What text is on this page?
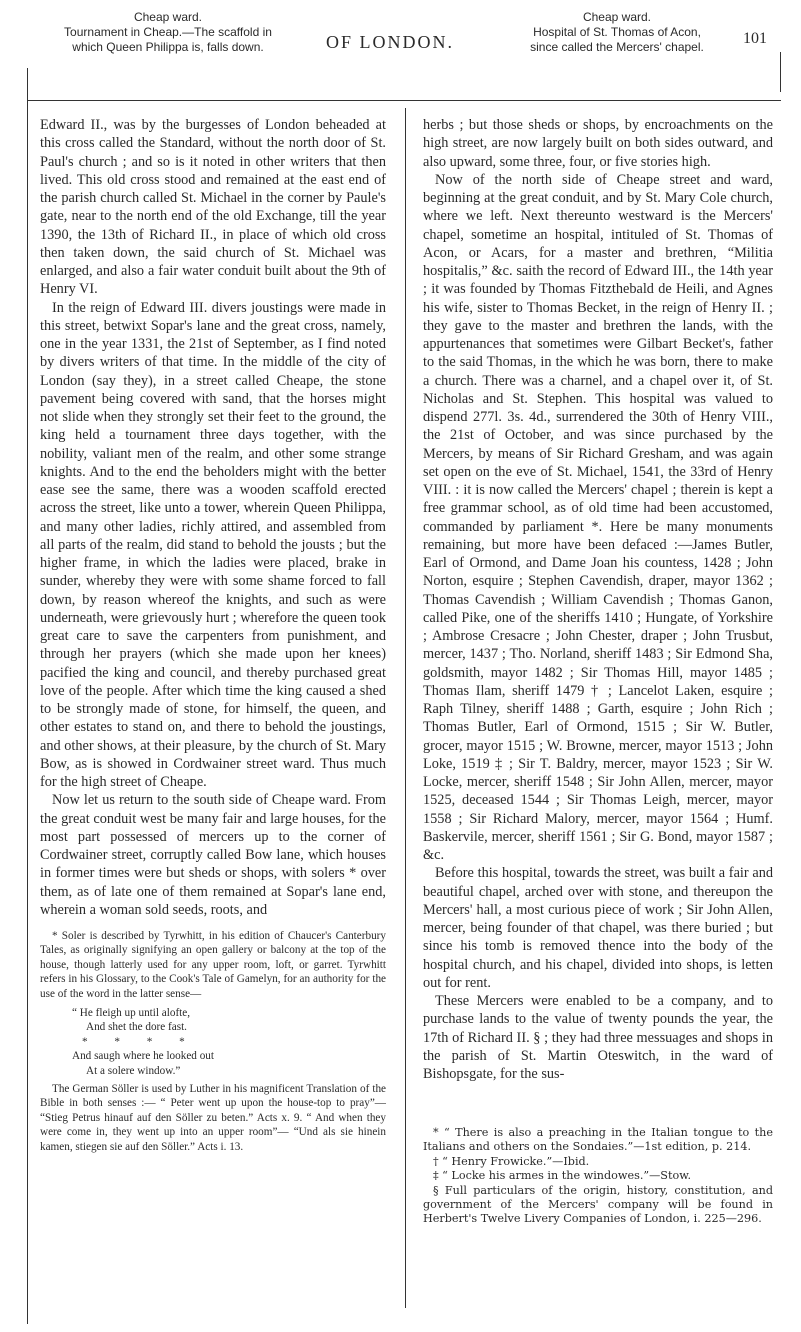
Cheap ward.
Tournament in Cheap.—The scaffold in
which Queen Philippa is, falls down.	OF LONDON.
Cheap ward.
Hospital of St. Thomas of Acon,
since called the Mercers' chapel.	101

Edward II., was by the burgesses of London beheaded at this cross called the Standard, without the north door of St. Paul's church ; and so is it noted in other writers that then lived. This old cross stood and remained at the east end of the parish church called St. Michael in the corner by Paule's gate, near to the north end of the old Exchange, till the year 1390, the 13th of Richard II., in place of which old cross then taken down, the said church of St. Michael was enlarged, and also a fair water conduit built about the 9th of Henry VI.

In the reign of Edward III. divers joustings were made in this street, betwixt Sopar's lane and the great cross, namely, one in the year 1331, the 21st of September, as I find noted by divers writers of that time. In the middle of the city of London (say they), in a street called Cheape, the stone pavement being covered with sand, that the horses might not slide when they strongly set their feet to the ground, the king held a tournament three days together, with the nobility, valiant men of the realm, and other some strange knights. And to the end the beholders might with the better ease see the same, there was a wooden scaffold erected across the street, like unto a tower, wherein Queen Philippa, and many other ladies, richly attired, and assembled from all parts of the realm, did stand to behold the jousts ; but the higher frame, in which the ladies were placed, brake in sunder, whereby they were with some shame forced to fall down, by reason whereof the knights, and such as were underneath, were grievously hurt ; wherefore the queen took great care to save the carpenters from punishment, and through her prayers (which she made upon her knees) pacified the king and council, and thereby purchased great love of the people. After which time the king caused a shed to be strongly made of stone, for himself, the queen, and other estates to stand on, and there to behold the joustings, and other shows, at their pleasure, by the church of St. Mary Bow, as is showed in Cordwainer street ward. Thus much for the high street of Cheape.

Now let us return to the south side of Cheape ward. From the great conduit west be many fair and large houses, for the most part possessed of mercers up to the corner of Cordwainer street, corruptly called Bow lane, which houses in former times were but sheds or shops, with solers * over them, as of late one of them remained at Sopar's lane end, wherein a woman sold seeds, roots, and

* Soler is described by Tyrwhitt, in his edition of Chaucer's Canterbury Tales, as originally signifying an open gallery or balcony at the top of the house, though latterly used for any upper room, loft, or garret. Tyrwhitt refers in his Glossary, to the Cook's Tale of Gamelyn, for an authority for the use of the word in the latter sense—

“ He fleigh up until alofte,
And shet the dore fast.
* * * *
And saugh where he looked out
At a solere window.”

The German Söller is used by Luther in his magnificent Translation of the Bible in both senses :— “ Peter went up upon the house-top to pray”— “Stieg Petrus hinauf auf den Söller zu beten.” Acts x. 9. “ And when they were come in, they went up into an upper room”— “Und als sie hinein kamen, stiegen sie auf den Söller.” Acts i. 13.

herbs ; but those sheds or shops, by encroachments on the high street, are now largely built on both sides outward, and also upward, some three, four, or five stories high.

Now of the north side of Cheape street and ward, beginning at the great conduit, and by St. Mary Cole church, where we left. Next thereunto westward is the Mercers' chapel, sometime an hospital, intituled of St. Thomas of Acon, or Acars, for a master and brethren, “Militia hospitalis,” &c. saith the record of Edward III., the 14th year ; it was founded by Thomas Fitzthebald de Heili, and Agnes his wife, sister to Thomas Becket, in the reign of Henry II. ; they gave to the master and brethren the lands, with the appurtenances that sometimes were Gilbart Becket's, father to the said Thomas, in the which he was born, there to make a church. There was a charnel, and a chapel over it, of St. Nicholas and St. Stephen. This hospital was valued to dispend 277l. 3s. 4d., surrendered the 30th of Henry VIII., the 21st of October, and was since purchased by the Mercers, by means of Sir Richard Gresham, and was again set open on the eve of St. Michael, 1541, the 33rd of Henry VIII. : it is now called the Mercers' chapel ; therein is kept a free grammar school, as of old time had been accustomed, commanded by parliament *. Here be many monuments remaining, but more have been defaced :—James Butler, Earl of Ormond, and Dame Joan his countess, 1428 ; John Norton, esquire ; Stephen Cavendish, draper, mayor 1362 ; Thomas Cavendish ; William Cavendish ; Thomas Ganon, called Pike, one of the sheriffs 1410 ; Hungate, of Yorkshire ; Ambrose Cresacre ; John Chester, draper ; John Trusbut, mercer, 1437 ; Tho. Norland, sheriff 1483 ; Sir Edmond Sha, goldsmith, mayor 1482 ; Sir Thomas Hill, mayor 1485 ; Thomas Ilam, sheriff 1479 † ; Lancelot Laken, esquire ; Raph Tilney, sheriff 1488 ; Garth, esquire ; John Rich ; Thomas Butler, Earl of Ormond, 1515 ; Sir W. Butler, grocer, mayor 1515 ; W. Browne, mercer, mayor 1513 ; John Loke, 1519 ‡ ; Sir T. Baldry, mercer, mayor 1523 ; Sir W. Locke, mercer, sheriff 1548 ; Sir John Allen, mercer, mayor 1525, deceased 1544 ; Sir Thomas Leigh, mercer, mayor 1558 ; Sir Richard Malory, mercer, mayor 1564 ; Humf. Baskervile, mercer, sheriff 1561 ; Sir G. Bond, mayor 1587 ; &c.

Before this hospital, towards the street, was built a fair and beautiful chapel, arched over with stone, and thereupon the Mercers' hall, a most curious piece of work ; Sir John Allen, mercer, being founder of that chapel, was there buried ; but since his tomb is removed thence into the body of the hospital church, and his chapel, divided into shops, is letten out for rent.

These Mercers were enabled to be a company, and to purchase lands to the value of twenty pounds the year, the 17th of Richard II. § ; they had three messuages and shops in the parish of St. Martin Oteswitch, in the ward of Bishopsgate, for the sus-

* “ There is also a preaching in the Italian tongue to the Italians and others on the Sondaies.”—1st edition, p. 214.

† “ Henry Frowicke.”—Ibid.

‡ “ Locke his armes in the windowes.”—Stow.

§ Full particulars of the origin, history, constitution, and government of the Mercers' company will be found in Herbert's Twelve Livery Companies of London, i. 225—296.
